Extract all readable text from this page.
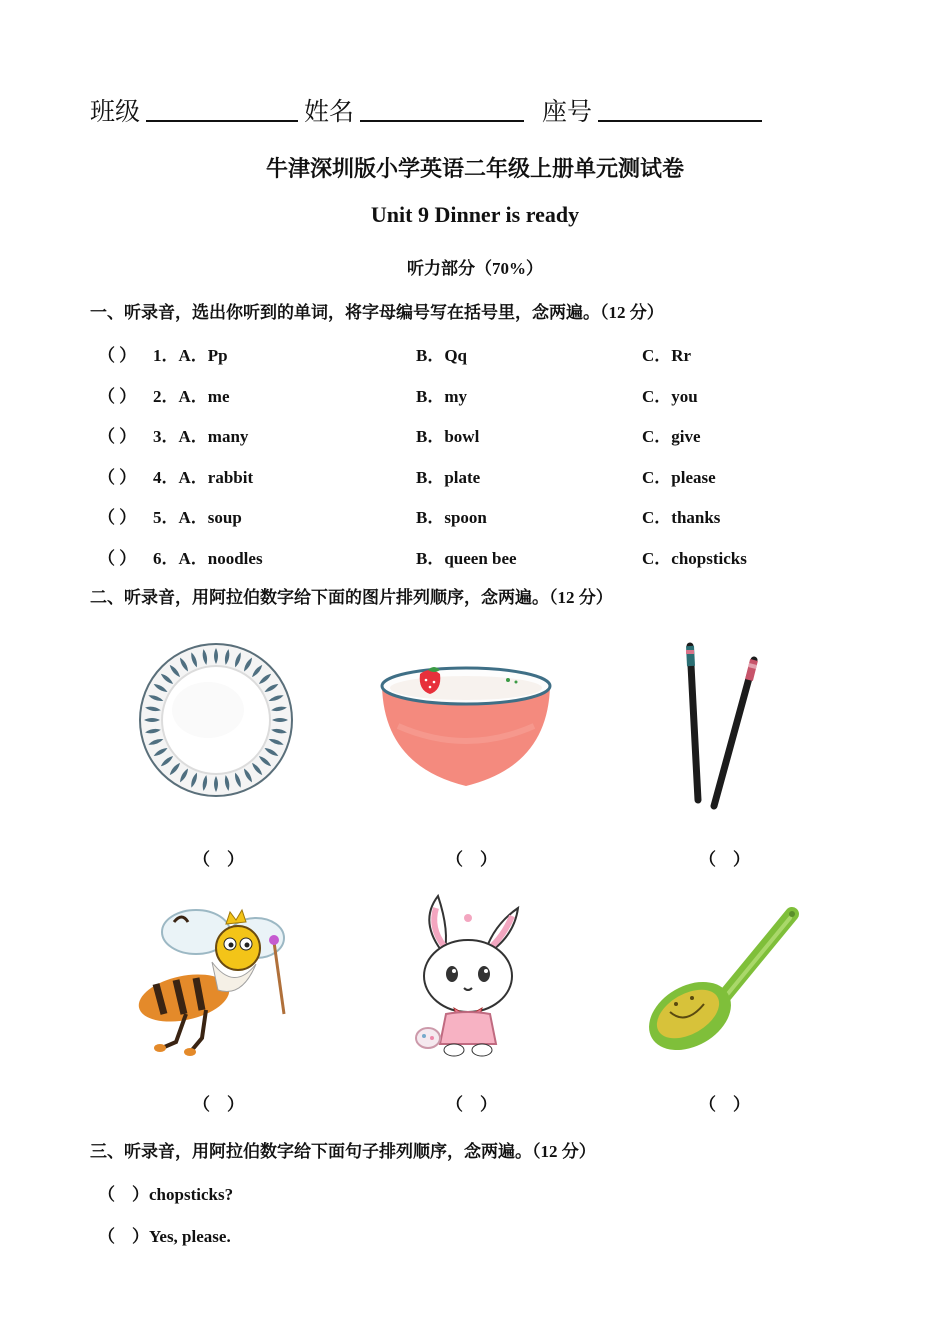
班级	姓名	座号
牛津深圳版小学英语二年级上册单元测试卷
Unit 9 Dinner is ready
听力部分（70%）
一、听录音，选出你听到的单词，将字母编号写在括号里，念两遍。（12 分）
（ ） 1．A．Pp	B．Qq	C．Rr
（ ） 2．A．me	B．my	C．you
（ ） 3．A．many	B．bowl	C．give
（ ） 4．A．rabbit	B．plate	C．please
（ ） 5．A．soup	B．spoon	C．thanks
（ ） 6．A．noodles	B．queen bee	C．chopsticks
二、听录音，用阿拉伯数字给下面的图片排列顺序，念两遍。（12 分）
（    ）	（    ）	（    ）
（    ）	（    ）	（    ）
三、听录音，用阿拉伯数字给下面句子排列顺序，念两遍。（12 分）
（    ）chopsticks?
（    ）Yes, please.
